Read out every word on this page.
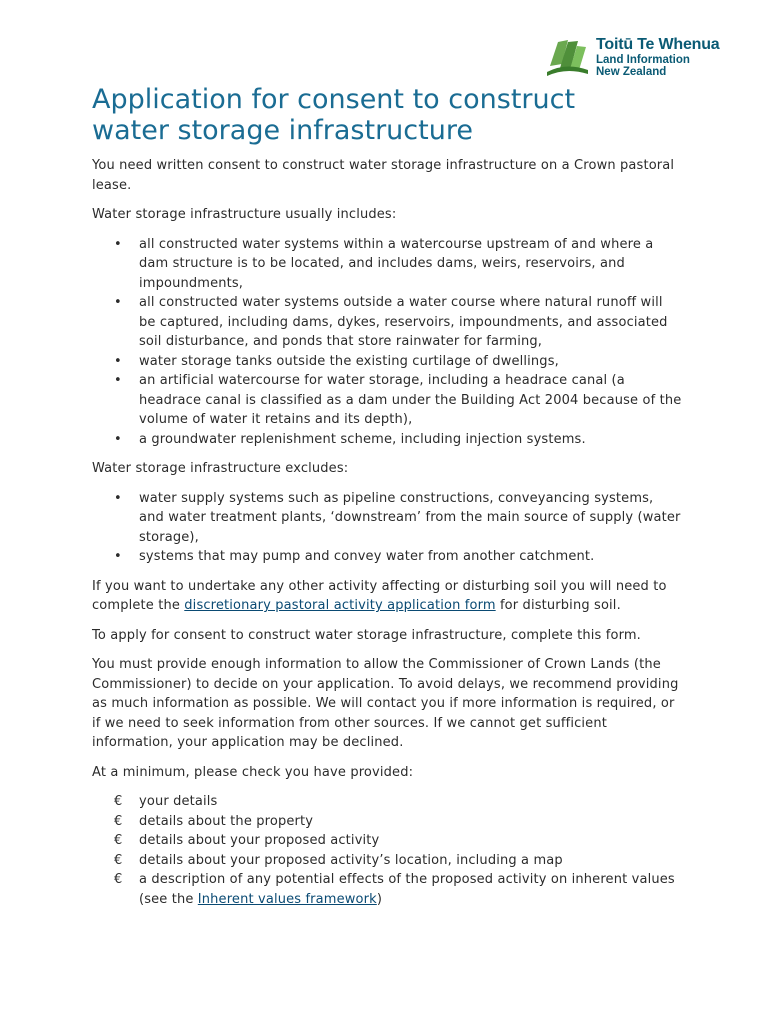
Toitū Te Whenua
Land Information
New Zealand
Application for consent to construct water storage infrastructure

You need written consent to construct water storage infrastructure on a Crown pastoral lease.

Water storage infrastructure usually includes:

• all constructed water systems within a watercourse upstream of and where a dam structure is to be located, and includes dams, weirs, reservoirs, and impoundments,
• all constructed water systems outside a water course where natural runoff will be captured, including dams, dykes, reservoirs, impoundments, and associated soil disturbance, and ponds that store rainwater for farming,
• water storage tanks outside the existing curtilage of dwellings,
• an artificial watercourse for water storage, including a headrace canal (a headrace canal is classified as a dam under the Building Act 2004 because of the volume of water it retains and its depth),
• a groundwater replenishment scheme, including injection systems.

Water storage infrastructure excludes:

• water supply systems such as pipeline constructions, conveyancing systems, and water treatment plants, ‘downstream’ from the main source of supply (water storage),
• systems that may pump and convey water from another catchment.

If you want to undertake any other activity affecting or disturbing soil you will need to complete the discretionary pastoral activity application form for disturbing soil.

To apply for consent to construct water storage infrastructure, complete this form.

You must provide enough information to allow the Commissioner of Crown Lands (the Commissioner) to decide on your application. To avoid delays, we recommend providing as much information as possible. We will contact you if more information is required, or if we need to seek information from other sources. If we cannot get sufficient information, your application may be declined.

At a minimum, please check you have provided:

€ your details
€ details about the property
€ details about your proposed activity
€ details about your proposed activity’s location, including a map
€ a description of any potential effects of the proposed activity on inherent values (see the Inherent values framework)
